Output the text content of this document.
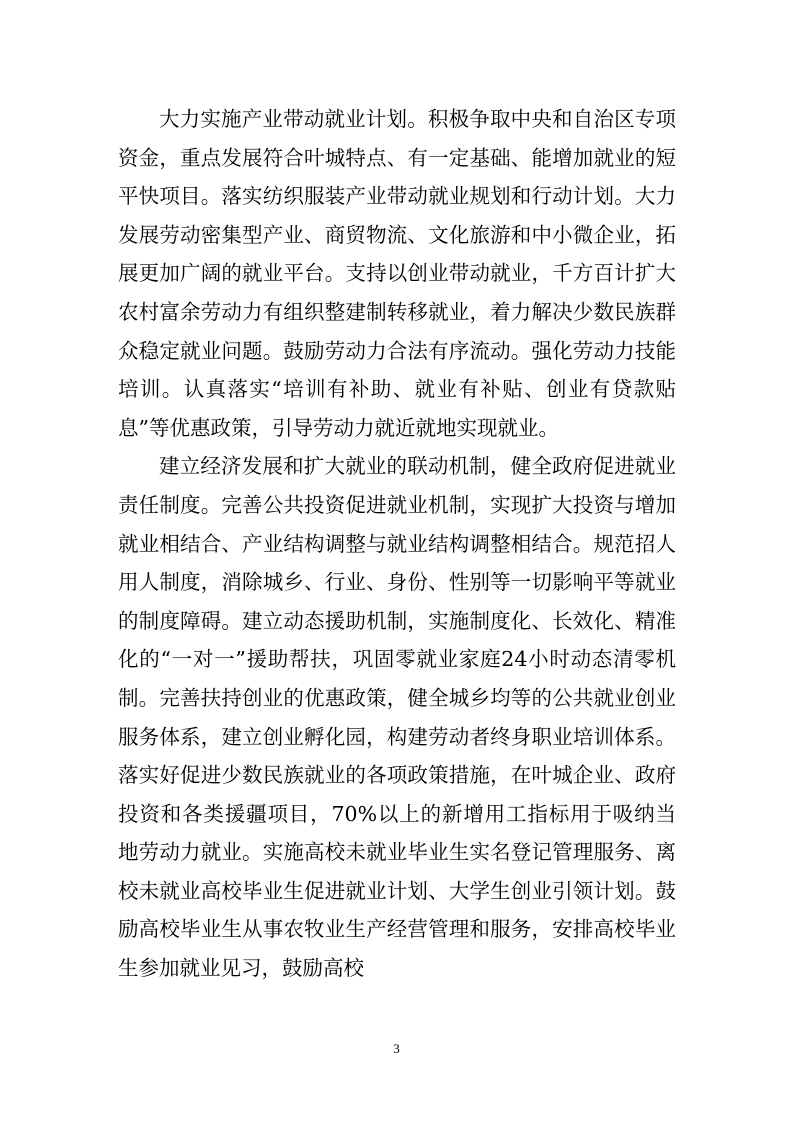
大力实施产业带动就业计划。积极争取中央和自治区专项资金，重点发展符合叶城特点、有一定基础、能增加就业的短平快项目。落实纺织服装产业带动就业规划和行动计划。大力发展劳动密集型产业、商贸物流、文化旅游和中小微企业，拓展更加广阔的就业平台。支持以创业带动就业，千方百计扩大农村富余劳动力有组织整建制转移就业，着力解决少数民族群众稳定就业问题。鼓励劳动力合法有序流动。强化劳动力技能培训。认真落实“培训有补助、就业有补贴、创业有贷款贴息”等优惠政策，引导劳动力就近就地实现就业。

建立经济发展和扩大就业的联动机制，健全政府促进就业责任制度。完善公共投资促进就业机制，实现扩大投资与增加就业相结合、产业结构调整与就业结构调整相结合。规范招人用人制度，消除城乡、行业、身份、性别等一切影响平等就业的制度障碍。建立动态援助机制，实施制度化、长效化、精准化的“一对一”援助帮扶，巩固零就业家庭24小时动态清零机制。完善扶持创业的优惠政策，健全城乡均等的公共就业创业服务体系，建立创业孵化园，构建劳动者终身职业培训体系。落实好促进少数民族就业的各项政策措施，在叶城企业、政府投资和各类援疆项目，70%以上的新增用工指标用于吸纳当地劳动力就业。实施高校未就业毕业生实名登记管理服务、离校未就业高校毕业生促进就业计划、大学生创业引领计划。鼓励高校毕业生从事农牧业生产经营管理和服务，安排高校毕业生参加就业见习，鼓励高校

3
